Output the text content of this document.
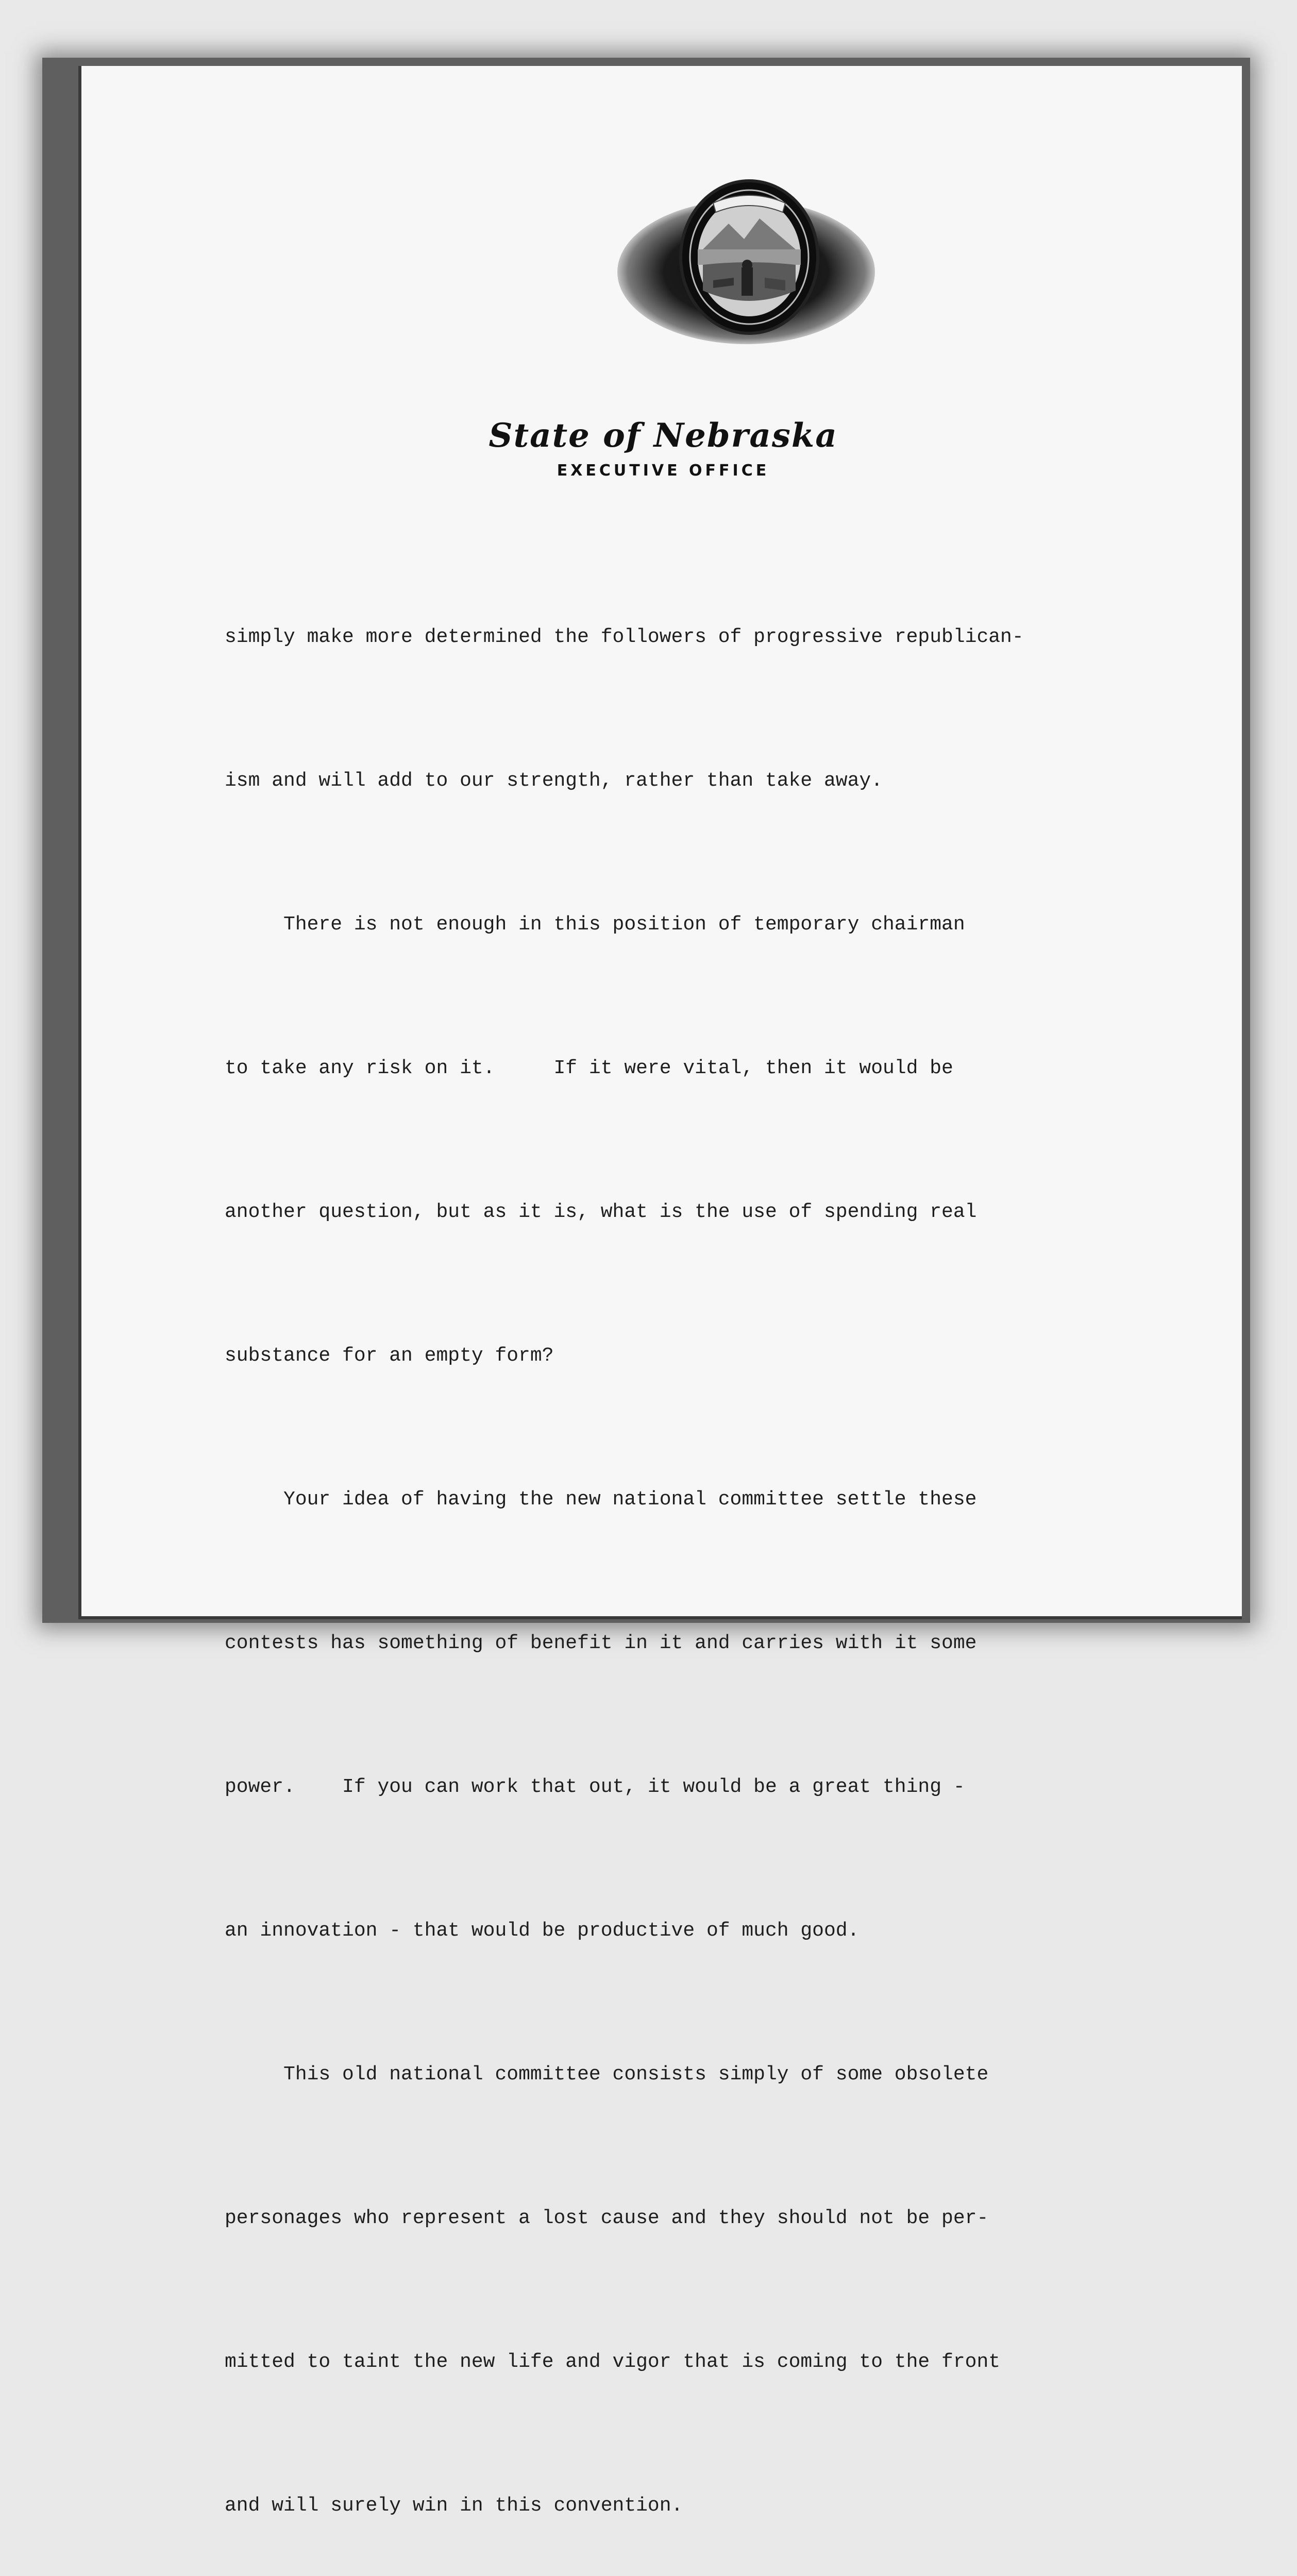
State of Nebraska
EXECUTIVE OFFICE

simply make more determined the followers of progressive republican-

ism and will add to our strength, rather than take away.

There is not enough in this position of temporary chairman

to take any risk on it.     If it were vital, then it would be

another question, but as it is, what is the use of spending real

substance for an empty form?

Your idea of having the new national committee settle these

contests has something of benefit in it and carries with it some

power.    If you can work that out, it would be a great thing -

an innovation - that would be productive of much good.

This old national committee consists simply of some obsolete

personages who represent a lost cause and they should not be per-

mitted to taint the new life and vigor that is coming to the front

and will surely win in this convention.
